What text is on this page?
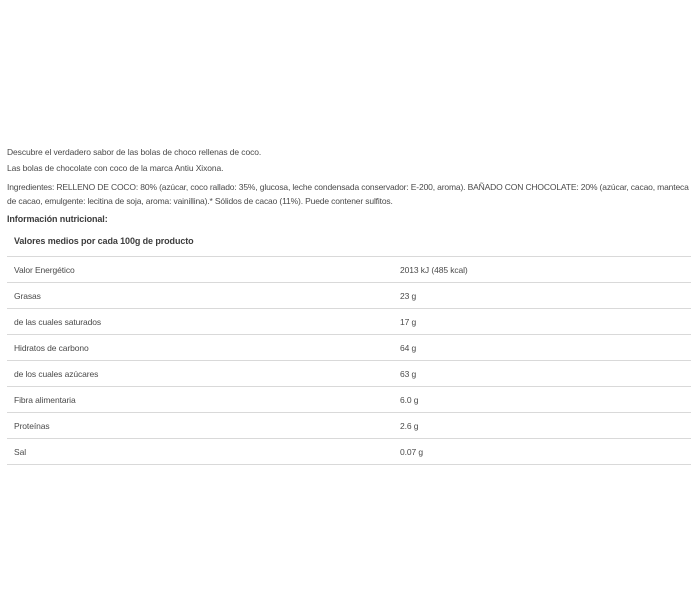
Descubre el verdadero sabor de las bolas de choco rellenas de coco.
Las bolas de chocolate con coco de la marca Antiu Xixona.
Ingredientes: RELLENO DE COCO: 80% (azúcar, coco rallado: 35%, glucosa, leche condensada conservador: E-200, aroma). BAÑADO CON CHOCOLATE: 20% (azúcar, cacao, manteca de cacao, emulgente: lecitina de soja, aroma: vainillina).* Sólidos de cacao (11%). Puede contener sulfitos.
Información nutricional:
Valores medios por cada 100g de producto
Valor Energético	2013 kJ (485 kcal)
Grasas	23 g
de las cuales saturados	17 g
Hidratos de carbono	64 g
de los cuales azúcares	63 g
Fibra alimentaria	6.0 g
Proteínas	2.6 g
Sal	0.07 g
